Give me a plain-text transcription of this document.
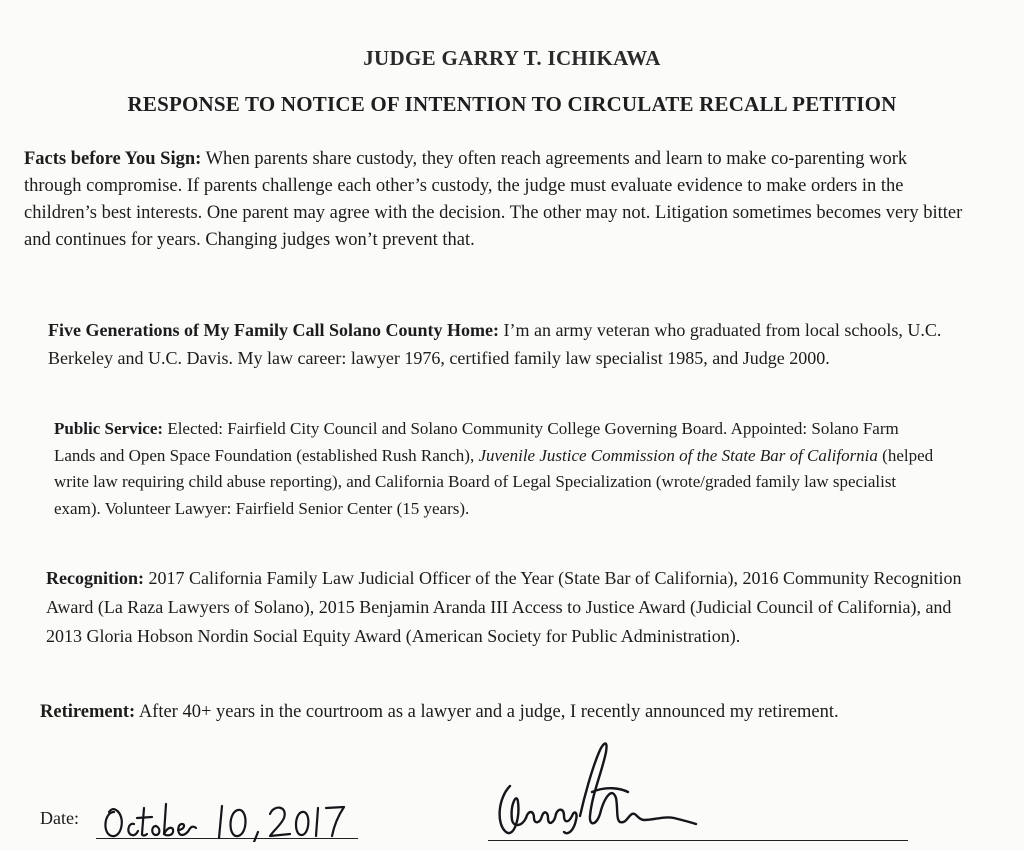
JUDGE GARRY T. ICHIKAWA
RESPONSE TO NOTICE OF INTENTION TO CIRCULATE RECALL PETITION

Facts before You Sign: When parents share custody, they often reach agreements and learn to make co-parenting work through compromise. If parents challenge each other’s custody, the judge must evaluate evidence to make orders in the children’s best interests. One parent may agree with the decision. The other may not. Litigation sometimes becomes very bitter and continues for years. Changing judges won’t prevent that.

Five Generations of My Family Call Solano County Home: I’m an army veteran who graduated from local schools, U.C. Berkeley and U.C. Davis. My law career: lawyer 1976, certified family law specialist 1985, and Judge 2000.

Public Service: Elected: Fairfield City Council and Solano Community College Governing Board. Appointed: Solano Farm Lands and Open Space Foundation (established Rush Ranch), Juvenile Justice Commission of the State Bar of California (helped write law requiring child abuse reporting), and California Board of Legal Specialization (wrote/graded family law specialist exam). Volunteer Lawyer: Fairfield Senior Center (15 years).

Recognition: 2017 California Family Law Judicial Officer of the Year (State Bar of California), 2016 Community Recognition Award (La Raza Lawyers of Solano), 2015 Benjamin Aranda III Access to Justice Award (Judicial Council of California), and 2013 Gloria Hobson Nordin Social Equity Award (American Society for Public Administration).

Retirement: After 40+ years in the courtroom as a lawyer and a judge, I recently announced my retirement.

Date:
